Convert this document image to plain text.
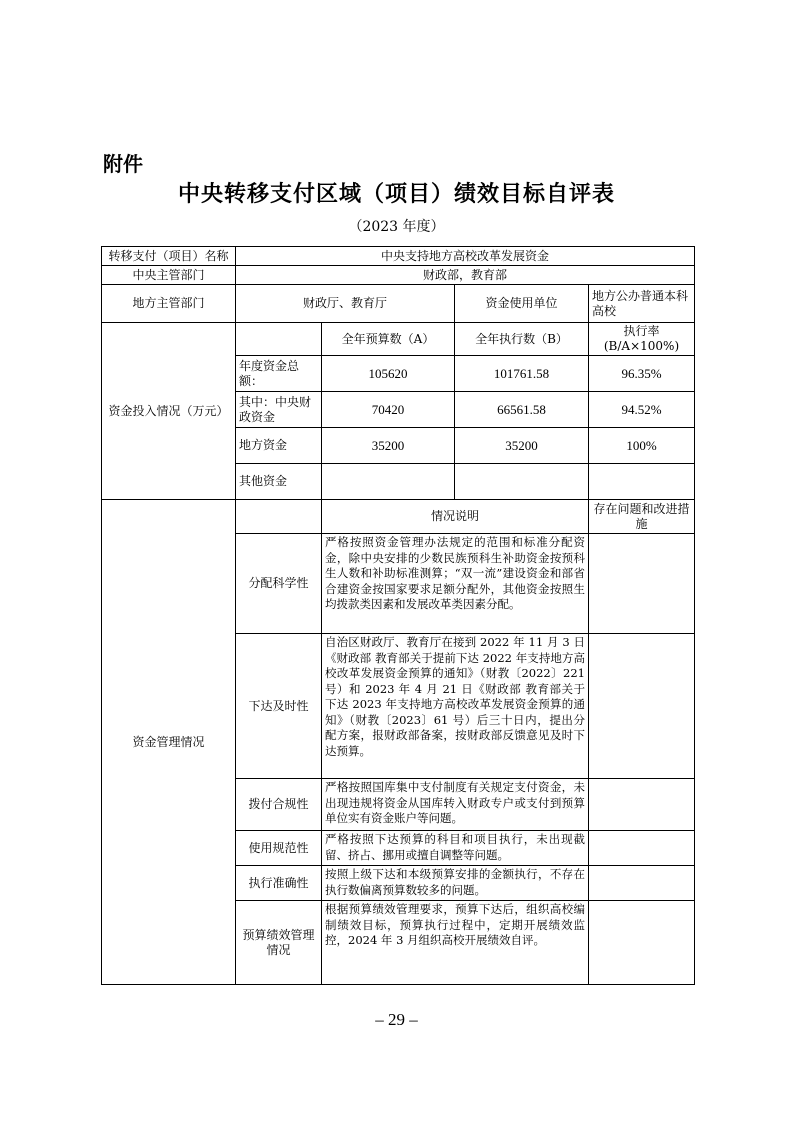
附件
中央转移支付区域（项目）绩效目标自评表
（2023 年度）
转移支付（项目）名称	中央支持地方高校改革发展资金			
中央主管部门	财政部，教育部			
地方主管部门	财政厅、教育厅		资金使用单位	地方公办普通本科高校
资金投入情况（万元）		全年预算数（A）	全年执行数（B）	执行率(B/A×100%)
	年度资金总额：	105620	101761.58	96.35%
	其中：中央财政资金	70420	66561.58	94.52%
	地方资金	35200	35200	100%
	其他资金			
资金管理情况		情况说明		存在问题和改进措施
	分配科学性	严格按照资金管理办法规定的范围和标准分配资金，除中央安排的少数民族预科生补助资金按预科生人数和补助标准测算；“双一流”建设资金和部省合建资金按国家要求足额分配外，其他资金按照生均拨款类因素和发展改革类因素分配。		
	下达及时性	自治区财政厅、教育厅在接到 2022 年 11 月 3 日《财政部 教育部关于提前下达 2022 年支持地方高校改革发展资金预算的通知》（财教〔2022〕221 号）和 2023 年 4 月 21 日《财政部 教育部关于下达 2023 年支持地方高校改革发展资金预算的通知》（财教〔2023〕61 号）后三十日内，提出分配方案，报财政部备案，按财政部反馈意见及时下达预算。		
	拨付合规性	严格按照国库集中支付制度有关规定支付资金，未出现违规将资金从国库转入财政专户或支付到预算单位实有资金账户等问题。		
	使用规范性	严格按照下达预算的科目和项目执行，未出现截留、挤占、挪用或擅自调整等问题。		
	执行准确性	按照上级下达和本级预算安排的金额执行，不存在执行数偏离预算数较多的问题。		
	预算绩效管理情况	根据预算绩效管理要求，预算下达后，组织高校编制绩效目标，预算执行过程中，定期开展绩效监控，2024 年 3 月组织高校开展绩效自评。		
– 29 –
